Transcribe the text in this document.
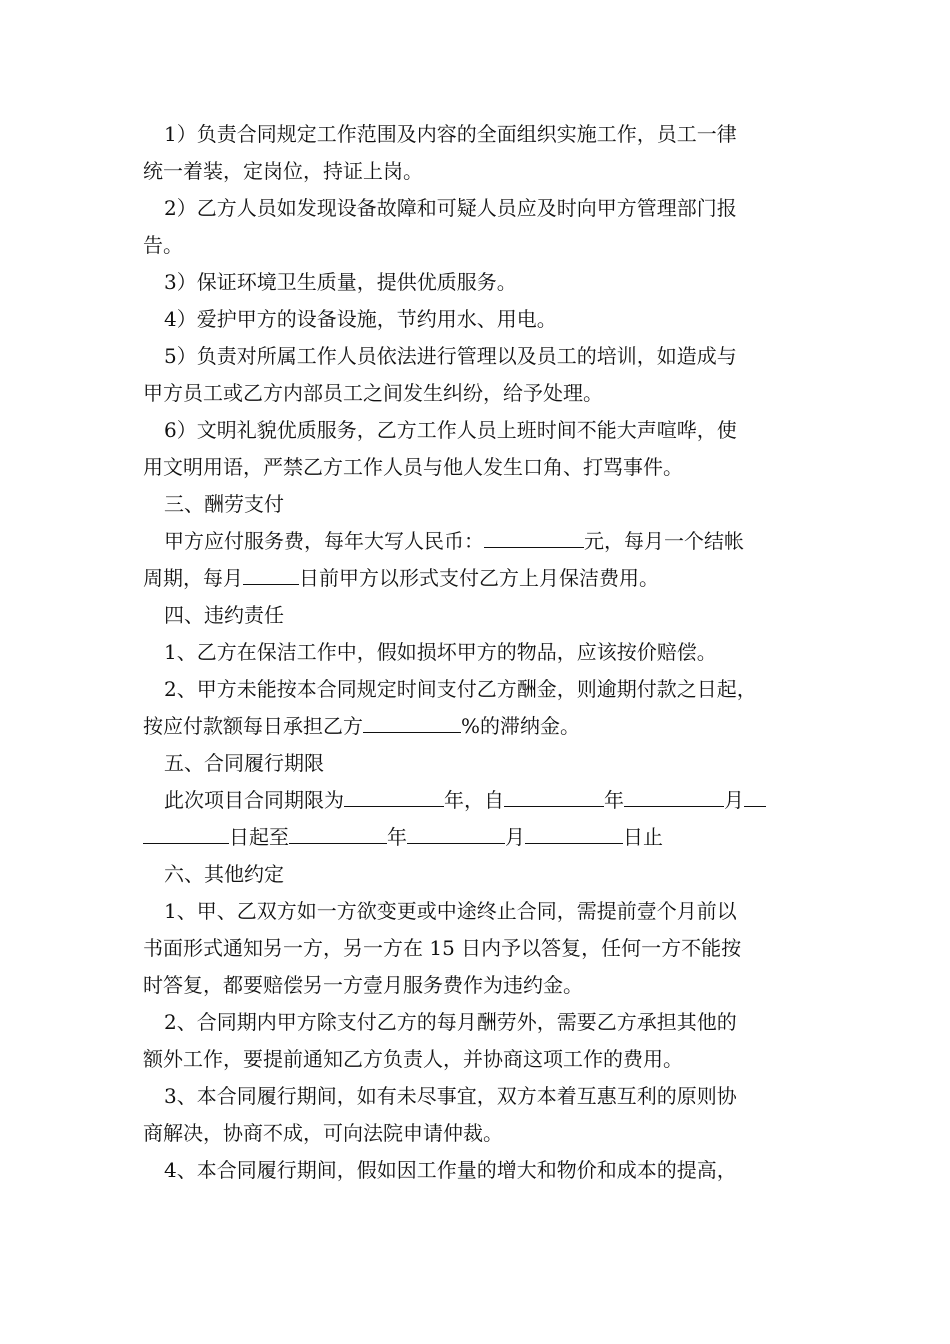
1）负责合同规定工作范围及内容的全面组织实施工作，员工一律
统一着装，定岗位，持证上岗。
2）乙方人员如发现设备故障和可疑人员应及时向甲方管理部门报
告。
3）保证环境卫生质量，提供优质服务。
4）爱护甲方的设备设施，节约用水、用电。
5）负责对所属工作人员依法进行管理以及员工的培训，如造成与
甲方员工或乙方内部员工之间发生纠纷，给予处理。
6）文明礼貌优质服务，乙方工作人员上班时间不能大声喧哗，使
用文明用语，严禁乙方工作人员与他人发生口角、打骂事件。
三、酬劳支付
甲方应付服务费，每年大写人民币：	元，每月一个结帐
周期，每月	日前甲方以形式支付乙方上月保洁费用。
四、违约责任
1、乙方在保洁工作中，假如损坏甲方的物品，应该按价赔偿。
2、甲方未能按本合同规定时间支付乙方酬金，则逾期付款之日起，
按应付款额每日承担乙方	%的滞纳金。
五、合同履行期限
此次项目合同期限为	年，自	年	月
日起至	年	月	日止
六、其他约定
1、甲、乙双方如一方欲变更或中途终止合同，需提前壹个月前以
书面形式通知另一方，另一方在 15 日内予以答复，任何一方不能按
时答复，都要赔偿另一方壹月服务费作为违约金。
2、合同期内甲方除支付乙方的每月酬劳外，需要乙方承担其他的
额外工作，要提前通知乙方负责人，并协商这项工作的费用。
3、本合同履行期间，如有未尽事宜，双方本着互惠互利的原则协
商解决，协商不成，可向法院申请仲裁。
4、本合同履行期间，假如因工作量的增大和物价和成本的提高，
